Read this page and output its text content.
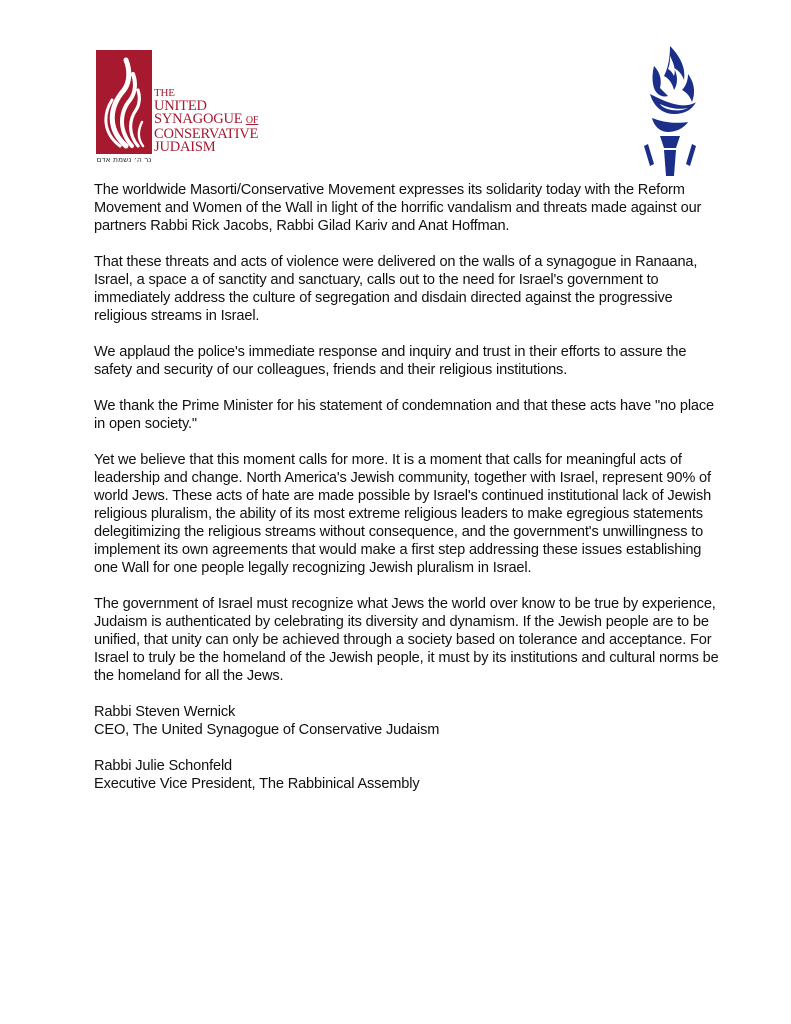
THE
UNITED
SYNAGOGUE OF
CONSERVATIVE
JUDAISM
נר ה׳ נשמת אדם

The worldwide Masorti/Conservative Movement expresses its solidarity today with the Reform Movement and Women of the Wall in light of the horrific vandalism and threats made against our partners Rabbi Rick Jacobs, Rabbi Gilad Kariv and Anat Hoffman.

That these threats and acts of violence were delivered on the walls of a synagogue in Ranaana, Israel, a space a of sanctity and sanctuary, calls out to the need for Israel's government to immediately address the culture of segregation and disdain directed against the progressive religious streams in Israel.

We applaud the police's immediate response and inquiry and trust in their efforts to assure the safety and security of our colleagues, friends and their religious institutions.

We thank the Prime Minister for his statement of condemnation and that these acts have "no place in open society."

Yet we believe that this moment calls for more. It is a moment that calls for meaningful acts of leadership and change. North America's Jewish community, together with Israel, represent 90% of world Jews. These acts of hate are made possible by Israel's continued institutional lack of Jewish religious pluralism, the ability of its most extreme religious leaders to make egregious statements delegitimizing the religious streams without consequence, and the government's unwillingness to implement its own agreements that would make a first step addressing these issues establishing one Wall for one people legally recognizing Jewish pluralism in Israel.

The government of Israel must recognize what Jews the world over know to be true by experience, Judaism is authenticated by celebrating its diversity and dynamism. If the Jewish people are to be unified, that unity can only be achieved through a society based on tolerance and acceptance. For Israel to truly be the homeland of the Jewish people, it must by its institutions and cultural norms be the homeland for all the Jews.

Rabbi Steven Wernick
CEO, The United Synagogue of Conservative Judaism
Rabbi Julie Schonfeld
Executive Vice President, The Rabbinical Assembly
